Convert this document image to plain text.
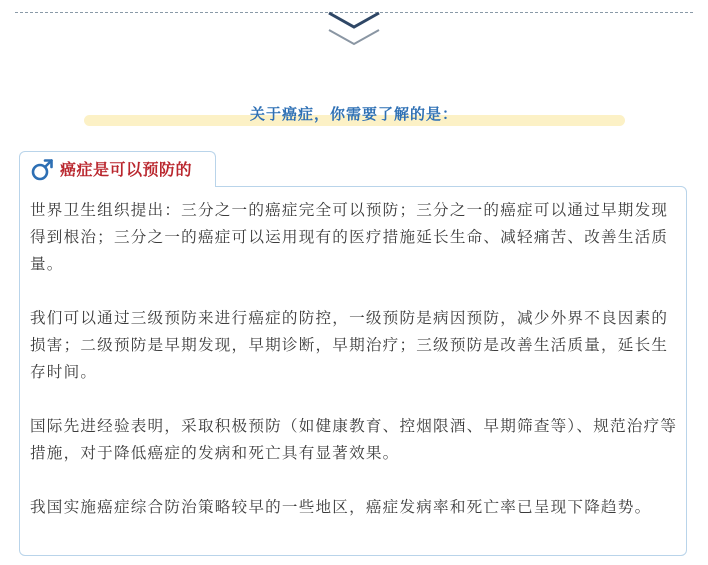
关于癌症，你需要了解的是：
癌症是可以预防的

世界卫生组织提出：三分之一的癌症完全可以预防；三分之一的癌症可以通过早期发现得到根治；三分之一的癌症可以运用现有的医疗措施延长生命、减轻痛苦、改善生活质量。

我们可以通过三级预防来进行癌症的防控，一级预防是病因预防，减少外界不良因素的损害；二级预防是早期发现，早期诊断，早期治疗；三级预防是改善生活质量，延长生存时间。

国际先进经验表明，采取积极预防（如健康教育、控烟限酒、早期筛查等）、规范治疗等措施，对于降低癌症的发病和死亡具有显著效果。

我国实施癌症综合防治策略较早的一些地区，癌症发病率和死亡率已呈现下降趋势。
